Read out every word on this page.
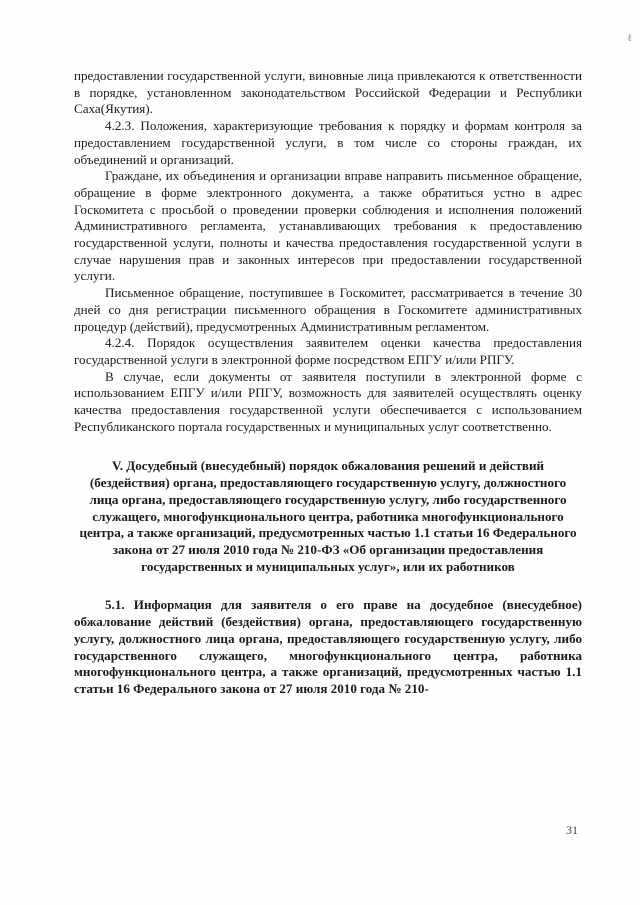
ℓ

предоставлении государственной услуги, виновные лица привлекаются к ответственности в порядке, установленном законодательством Российской Федерации и Республики Саха(Якутия).

4.2.3. Положения, характеризующие требования к порядку и формам контроля за предоставлением государственной услуги, в том числе со стороны граждан, их объединений и организаций.

Граждане, их объединения и организации вправе направить письменное обращение, обращение в форме электронного документа, а также обратиться устно в адрес Госкомитета с просьбой о проведении проверки соблюдения и исполнения положений Административного регламента, устанавливающих требования к предоставлению государственной услуги, полноты и качества предоставления государственной услуги в случае нарушения прав и законных интересов при предоставлении государственной услуги.

Письменное обращение, поступившее в Госкомитет, рассматривается в течение 30 дней со дня регистрации письменного обращения в Госкомитете административных процедур (действий), предусмотренных Административным регламентом.

4.2.4. Порядок осуществления заявителем оценки качества предоставления государственной услуги в электронной форме посредством ЕПГУ и/или РПГУ.

В случае, если документы от заявителя поступили в электронной форме с использованием ЕПГУ и/или РПГУ, возможность для заявителей осуществлять оценку качества предоставления государственной услуги обеспечивается с использованием Республиканского портала государственных и муниципальных услуг соответственно.

V. Досудебный (внесудебный) порядок обжалования решений и действий (бездействия) органа, предоставляющего государственную услугу, должностного лица органа, предоставляющего государственную услугу, либо государственного служащего, многофункционального центра, работника многофункционального центра, а также организаций, предусмотренных частью 1.1 статьи 16 Федерального закона от 27 июля 2010 года № 210-ФЗ «Об организации предоставления государственных и муниципальных услуг», или их работников

5.1. Информация для заявителя о его праве на досудебное (внесудебное) обжалование действий (бездействия) органа, предоставляющего государственную услугу, должностного лица органа, предоставляющего государственную услугу, либо государственного служащего, многофункционального центра, работника многофункционального центра, а также организаций, предусмотренных частью 1.1 статьи 16 Федерального закона от 27 июля 2010 года № 210-

31
